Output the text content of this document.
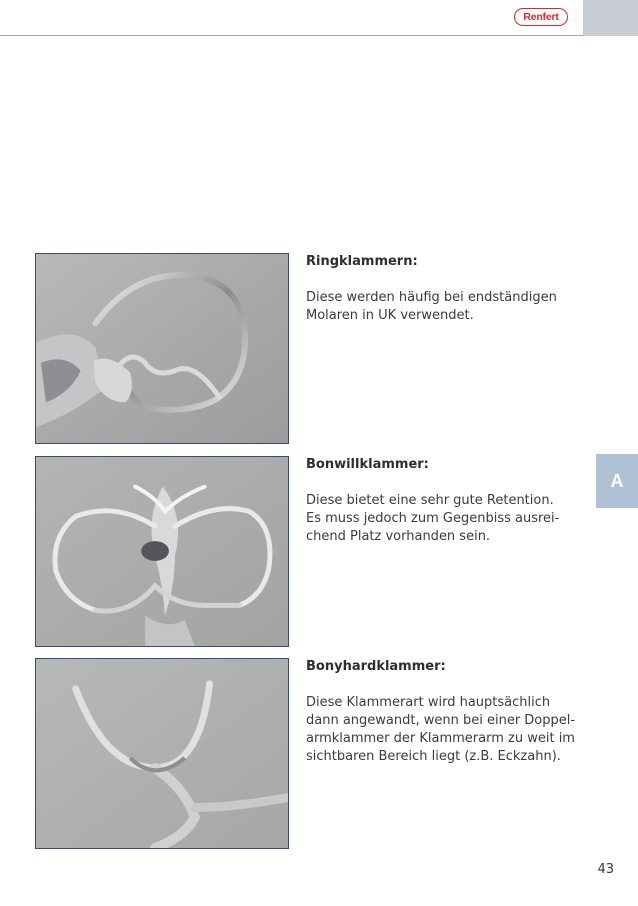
Renfert
A

Ringklammern:

Diese werden häufig bei endständigen

Molaren in UK verwendet.

Bonwillklammer:

Diese bietet eine sehr gute Retention.

Es muss jedoch zum Gegenbiss ausrei-

chend Platz vorhanden sein.

Bonyhardklammer:

Diese Klammerart wird hauptsächlich

dann angewandt, wenn bei einer Doppel-

armklammer der Klammerarm zu weit im

sichtbaren Bereich liegt (z.B. Eckzahn).

43
